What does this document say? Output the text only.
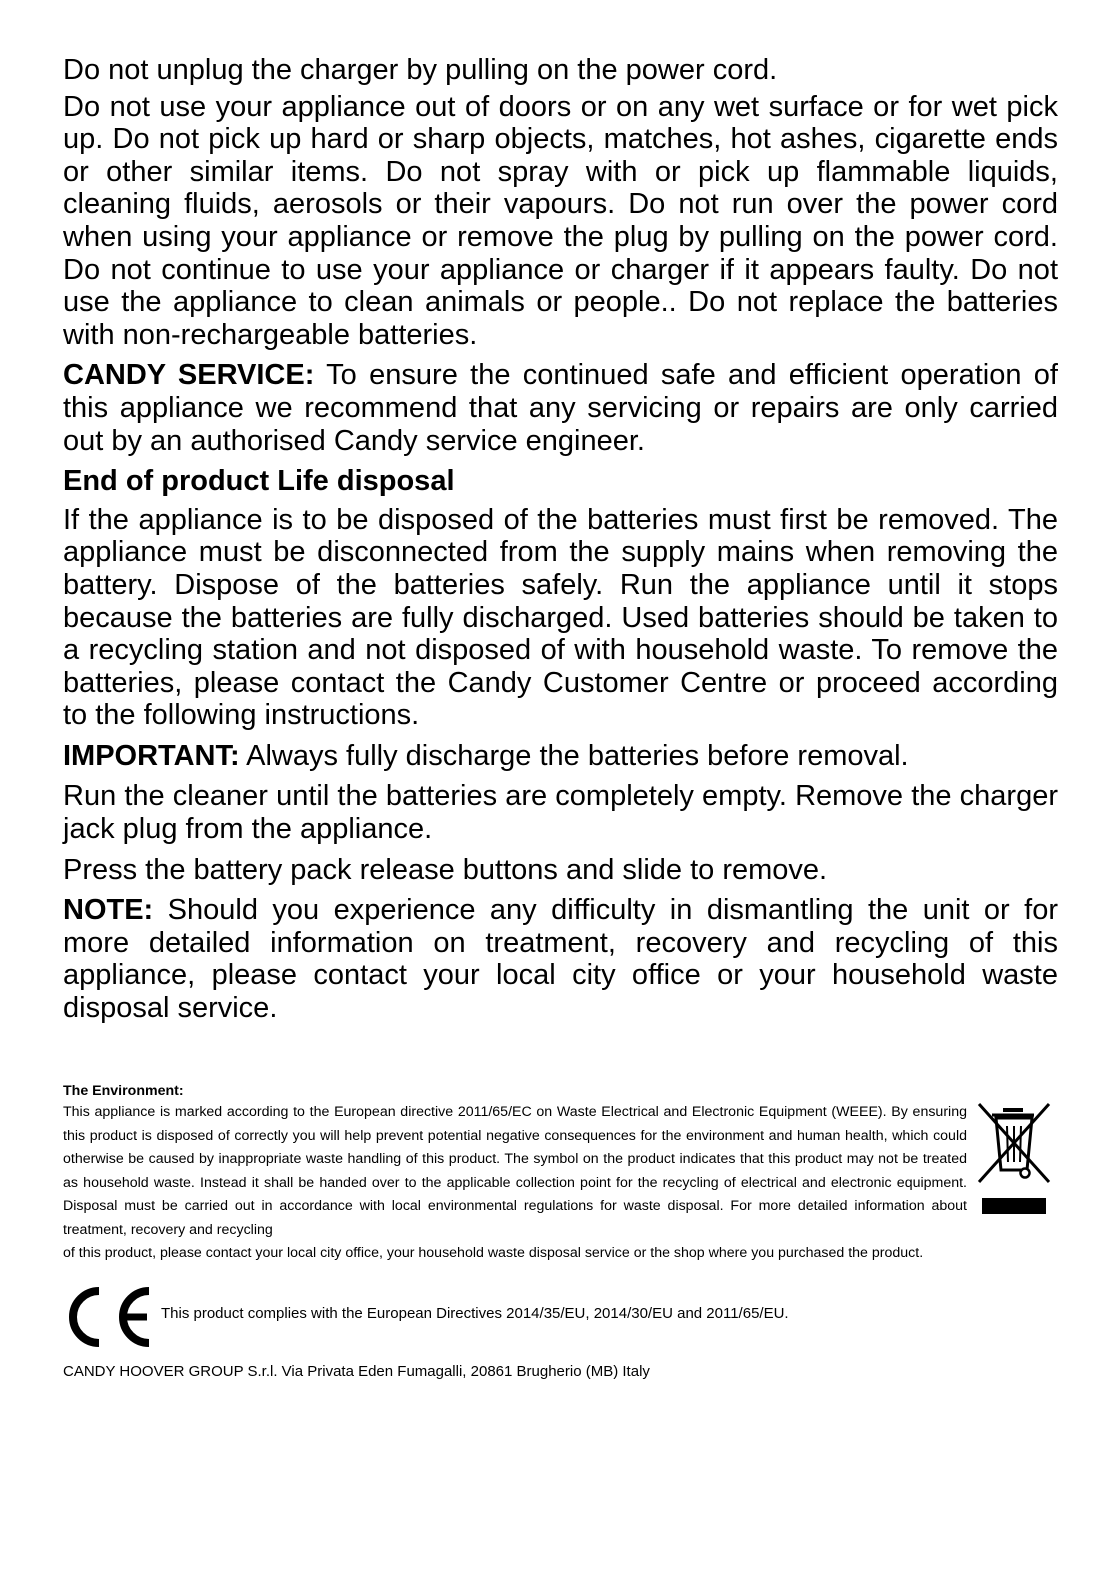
Do not unplug the charger by pulling on the power cord.

Do not use your appliance out of doors or on any wet surface or for wet pick up. Do not pick up hard or sharp objects, matches, hot ashes, cigarette ends or other similar items. Do not spray with or pick up flammable liquids, cleaning fluids, aerosols or their vapours. Do not run over the power cord when using your appliance or remove the plug by pulling on the power cord. Do not continue to use your appliance or charger if it appears faulty. Do not use the appliance to clean animals or people.. Do not replace the batteries with non-rechargeable batteries.

CANDY SERVICE: To ensure the continued safe and efficient operation of this appliance we recommend that any servicing or repairs are only carried out by an authorised Candy service engineer.

End of product Life disposal

If the appliance is to be disposed of the batteries must first be removed. The appliance must be disconnected from the supply mains when removing the battery. Dispose of the batteries safely. Run the appliance until it stops because the batteries are fully discharged. Used batteries should be taken to a recycling station and not disposed of with household waste. To remove the batteries, please contact the Candy Customer Centre or proceed according to the following instructions.

IMPORTANT: Always fully discharge the batteries before removal.

Run the cleaner until the batteries are completely empty. Remove the charger jack plug from the appliance.

Press the battery pack release buttons and slide to remove.

NOTE: Should you experience any difficulty in dismantling the unit or for more detailed information on treatment, recovery and recycling of this appliance, please contact your local city office or your household waste disposal service.

The Environment:
This appliance is marked according to the European directive 2011/65/EC on Waste Electrical and Electronic Equipment (WEEE). By ensuring this product is disposed of correctly you will help prevent potential negative consequences for the environment and human health, which could otherwise be caused by inappropriate waste handling of this product. The symbol on the product indicates that this product may not be treated as household waste. Instead it shall be handed over to the applicable collection point for the recycling of electrical and electronic equipment. Disposal must be carried out in accordance with local environmental regulations for waste disposal. For more detailed information about treatment, recovery and recycling
of this product, please contact your local city office, your household waste disposal service or the shop where you purchased the product.
This product complies with the European Directives 2014/35/EU, 2014/30/EU and 2011/65/EU.
CANDY HOOVER GROUP S.r.l. Via Privata Eden Fumagalli, 20861 Brugherio (MB) Italy
